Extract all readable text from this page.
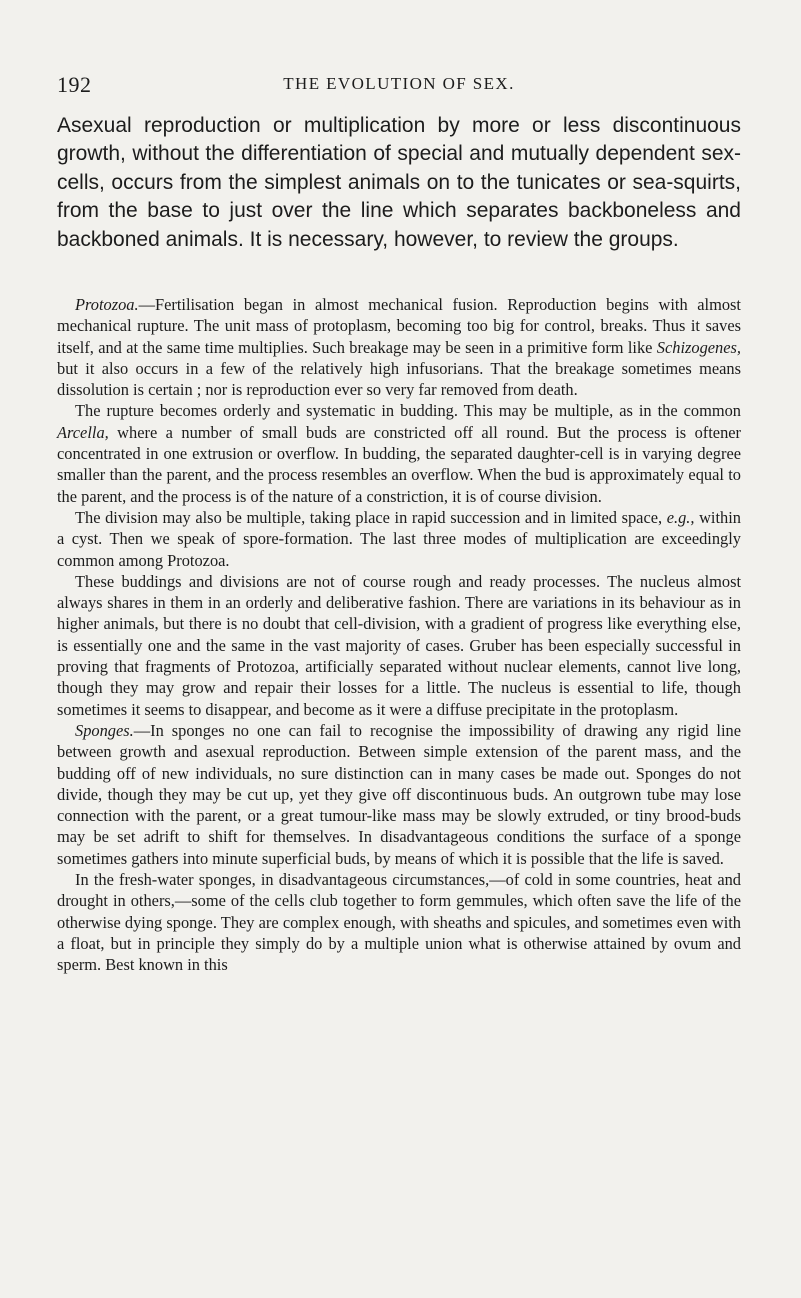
192	THE EVOLUTION OF SEX.

Asexual reproduction or multiplication by more or less discontinuous growth, without the differentiation of special and mutually dependent sex-cells, occurs from the simplest animals on to the tunicates or sea-squirts, from the base to just over the line which separates backboneless and backboned animals. It is necessary, however, to review the groups.

Protozoa.—Fertilisation began in almost mechanical fusion. Reproduction begins with almost mechanical rupture. The unit mass of protoplasm, becoming too big for control, breaks. Thus it saves itself, and at the same time multiplies. Such breakage may be seen in a primitive form like Schizogenes, but it also occurs in a few of the relatively high infusorians. That the breakage sometimes means dissolution is certain ; nor is reproduction ever so very far removed from death.

The rupture becomes orderly and systematic in budding. This may be multiple, as in the common Arcella, where a number of small buds are constricted off all round. But the process is oftener concentrated in one extrusion or overflow. In budding, the separated daughter-cell is in varying degree smaller than the parent, and the process resembles an overflow. When the bud is approximately equal to the parent, and the process is of the nature of a constriction, it is of course division.

The division may also be multiple, taking place in rapid succession and in limited space, e.g., within a cyst. Then we speak of spore-formation. The last three modes of multiplication are exceedingly common among Protozoa.

These buddings and divisions are not of course rough and ready processes. The nucleus almost always shares in them in an orderly and deliberative fashion. There are variations in its behaviour as in higher animals, but there is no doubt that cell-division, with a gradient of progress like everything else, is essentially one and the same in the vast majority of cases. Gruber has been especially successful in proving that fragments of Protozoa, artificially separated without nuclear elements, cannot live long, though they may grow and repair their losses for a little. The nucleus is essential to life, though sometimes it seems to disappear, and become as it were a diffuse precipitate in the protoplasm.

Sponges.—In sponges no one can fail to recognise the impossibility of drawing any rigid line between growth and asexual reproduction. Between simple extension of the parent mass, and the budding off of new individuals, no sure distinction can in many cases be made out. Sponges do not divide, though they may be cut up, yet they give off discontinuous buds. An outgrown tube may lose connection with the parent, or a great tumour-like mass may be slowly extruded, or tiny brood-buds may be set adrift to shift for themselves. In disadvantageous conditions the surface of a sponge sometimes gathers into minute superficial buds, by means of which it is possible that the life is saved.

In the fresh-water sponges, in disadvantageous circumstances,—of cold in some countries, heat and drought in others,—some of the cells club together to form gemmules, which often save the life of the otherwise dying sponge. They are complex enough, with sheaths and spicules, and sometimes even with a float, but in principle they simply do by a multiple union what is otherwise attained by ovum and sperm. Best known in this
